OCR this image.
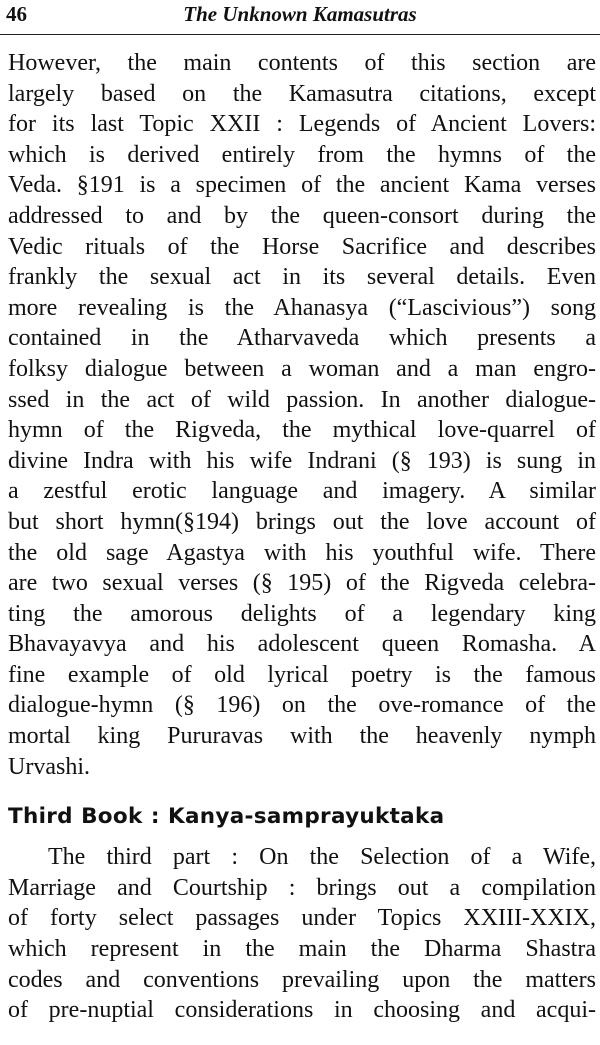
46	The Unknown Kamasutras
However, the main contents of this section are
largely based on the Kamasutra citations, except
for its last Topic XXII : Legends of Ancient Lovers:
which is derived entirely from the hymns of the
Veda. §191 is a specimen of the ancient Kama verses
addressed to and by the queen-consort during the
Vedic rituals of the Horse Sacrifice and describes
frankly the sexual act in its several details. Even
more revealing is the Ahanasya (“Lascivious”) song
contained in the Atharvaveda which presents a
folksy dialogue between a woman and a man engro-
ssed in the act of wild passion. In another dialogue-
hymn of the Rigveda, the mythical love-quarrel of
divine Indra with his wife Indrani (§ 193) is sung in
a zestful erotic language and imagery. A similar
but short hymn(§194) brings out the love account of
the old sage Agastya with his youthful wife. There
are two sexual verses (§ 195) of the Rigveda celebra-
ting the amorous delights of a legendary king
Bhavayavya and his adolescent queen Romasha. A
fine example of old lyrical poetry is the famous
dialogue-hymn (§ 196) on the ove-romance of the
mortal king Pururavas with the heavenly nymph
Urvashi.
Third Book : Kanya-samprayuktaka
The third part : On the Selection of a Wife,
Marriage and Courtship : brings out a compilation
of forty select passages under Topics XXIII-XXIX,
which represent in the main the Dharma Shastra
codes and conventions prevailing upon the matters
of pre-nuptial considerations in choosing and acqui-
